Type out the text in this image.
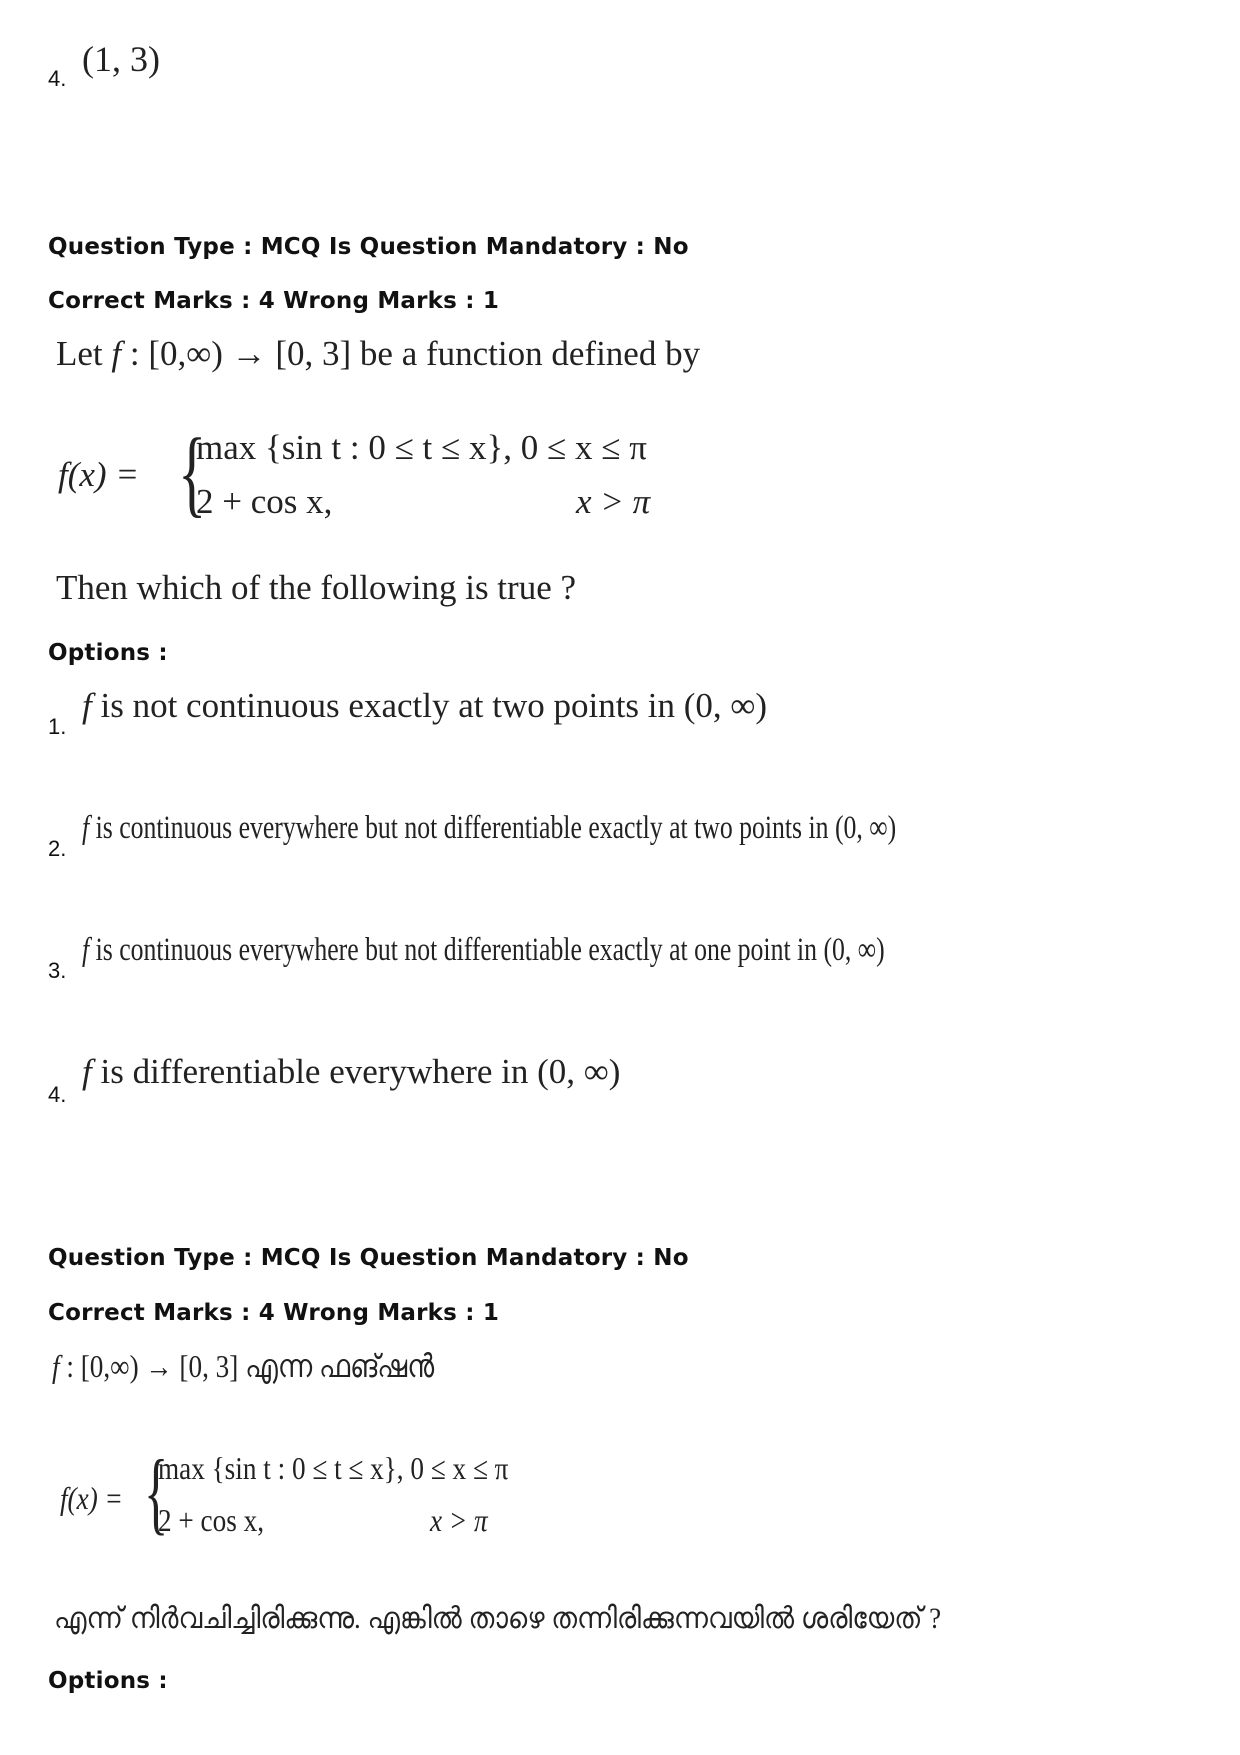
4. (1, 3)
Question Type : MCQ Is Question Mandatory : No
Correct Marks : 4 Wrong Marks : 1
Let f : [0,∞) → [0, 3] be a function defined by
f(x) = {
max {sin t : 0 ≤ t ≤ x}, 0 ≤ x ≤ π
2 + cos x,	x > π
Then which of the following is true ?
Options :
1.
f is not continuous exactly at two points in (0, ∞)
2.
f is continuous everywhere but not differentiable exactly at two points in (0, ∞)
3.
f is continuous everywhere but not differentiable exactly at one point in (0, ∞)
4.
f is differentiable everywhere in (0, ∞)
Question Type : MCQ Is Question Mandatory : No
Correct Marks : 4 Wrong Marks : 1
f : [0,∞) → [0, 3] എന്ന ഫങ്ഷൻ
f(x) = {
max {sin t : 0 ≤ t ≤ x}, 0 ≤ x ≤ π
2 + cos x,	x > π
എന്ന് നിർവചിച്ചിരിക്കുന്നു. എങ്കിൽ താഴെ തന്നിരിക്കുന്നവയിൽ ശരിയേത് ?
Options :
